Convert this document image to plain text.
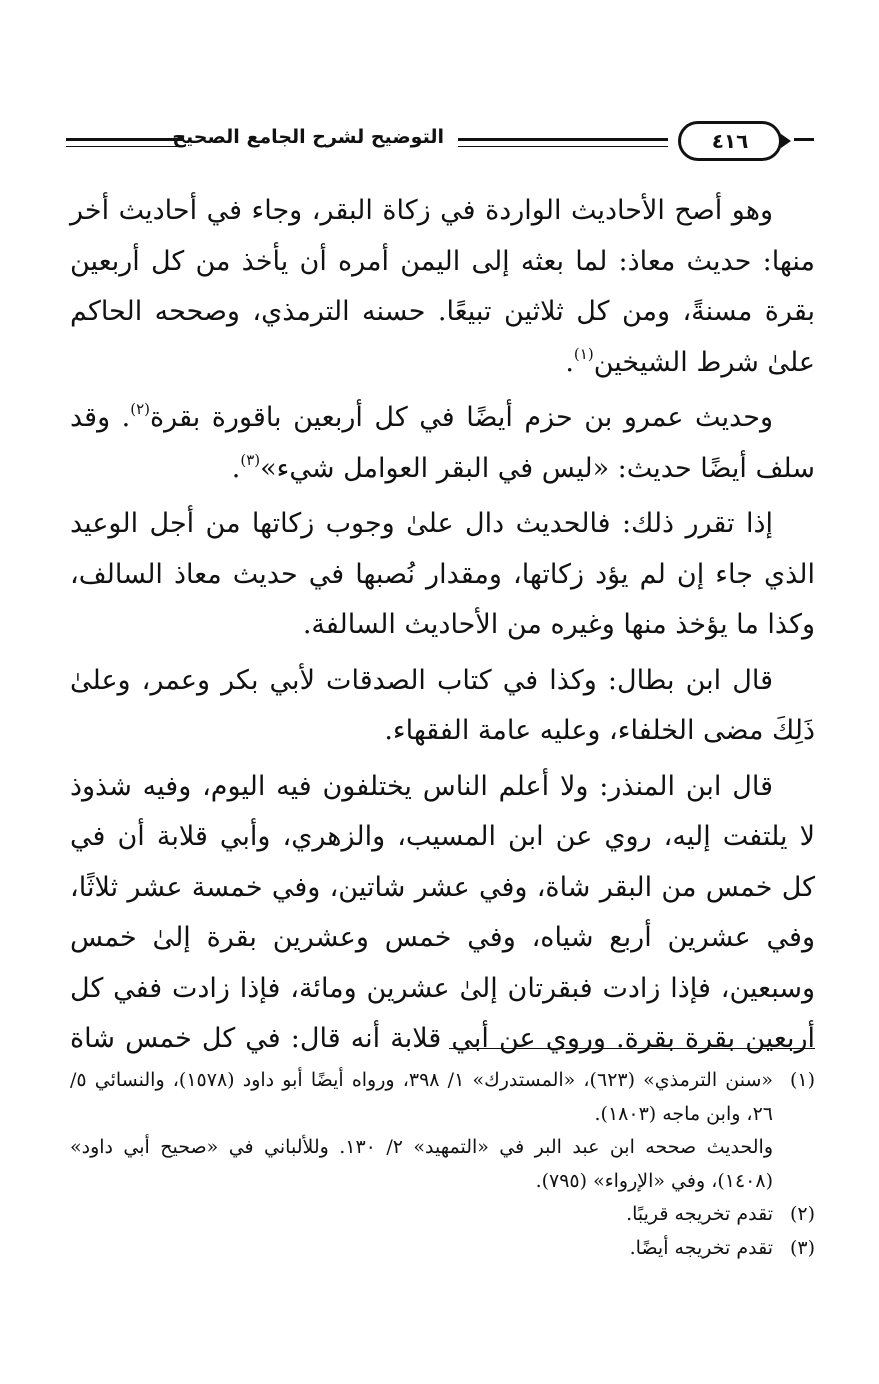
التوضيح لشرح الجامع الصحيح	٤١٦

وهو أصح الأحاديث الواردة في زكاة البقر، وجاء في أحاديث أخر منها: حديث معاذ: لما بعثه إلى اليمن أمره أن يأخذ من كل أربعين بقرة مسنةً، ومن كل ثلاثين تبيعًا. حسنه الترمذي، وصححه الحاكم علىٰ شرط الشيخين$^{(١)}$.

وحديث عمرو بن حزم أيضًا في كل أربعين باقورة بقرة$^{(٢)}$. وقد سلف أيضًا حديث: «ليس في البقر العوامل شيء»$^{(٣)}$.

إذا تقرر ذلك: فالحديث دال علىٰ وجوب زكاتها من أجل الوعيد الذي جاء إن لم يؤد زكاتها، ومقدار نُصبها في حديث معاذ السالف، وكذا ما يؤخذ منها وغيره من الأحاديث السالفة.

قال ابن بطال: وكذا في كتاب الصدقات لأبي بكر وعمر، وعلىٰ ذَلِكَ مضى الخلفاء، وعليه عامة الفقهاء.

قال ابن المنذر: ولا أعلم الناس يختلفون فيه اليوم، وفيه شذوذ لا يلتفت إليه، روي عن ابن المسيب، والزهري، وأبي قلابة أن في كل خمس من البقر شاة، وفي عشر شاتين، وفي خمسة عشر ثلاثًا، وفي عشرين أربع شياه، وفي خمس وعشرين بقرة إلىٰ خمس وسبعين، فإذا زادت فبقرتان إلىٰ عشرين ومائة، فإذا زادت ففي كل أربعين بقرة بقرة. وروي عن أبي قلابة أنه قال: في كل خمس شاة

(١)

«سنن الترمذي» (٦٢٣)، «المستدرك» ١/ ٣٩٨، ورواه أيضًا أبو داود (١٥٧٨)، والنسائي ٥/ ٢٦، وابن ماجه (١٨٠٣).

والحديث صححه ابن عبد البر في «التمهيد» ٢/ ١٣٠. وللألباني في «صحيح أبي داود» (١٤٠٨)، وفي «الإرواء» (٧٩٥).

(٢)

تقدم تخريجه قريبًا.

(٣)

تقدم تخريجه أيضًا.
